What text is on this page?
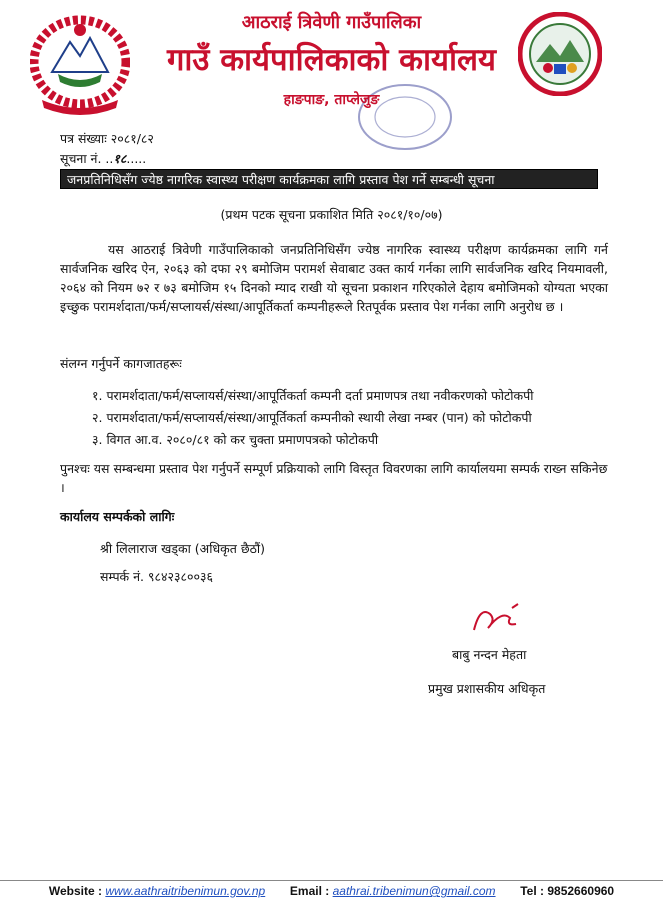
आठराई त्रिवेणी गाउँपालिका
गाउँ कार्यपालिकाको कार्यालय
हाङपाङ, ताप्लेजुङ
पत्र संख्याः २०८१/८२
सूचना नं. ..१८.....
जनप्रतिनिधिसँग ज्येष्ठ नागरिक स्वास्थ्य परीक्षण कार्यक्रमका लागि प्रस्ताव पेश गर्ने सम्बन्धी सूचना
(प्रथम पटक सूचना प्रकाशित मिति २०८१/१०/०७)
यस आठराई त्रिवेणी गाउँपालिकाको जनप्रतिनिधिसँग ज्येष्ठ नागरिक स्वास्थ्य परीक्षण कार्यक्रमका लागि गर्न सार्वजनिक खरिद ऐन, २०६३ को दफा २९ बमोजिम परामर्श सेवाबाट उक्त कार्य गर्नका लागि सार्वजनिक खरिद नियमावली, २०६४ को नियम ७२ र ७३ बमोजिम १५ दिनको म्याद राखी यो सूचना प्रकाशन गरिएकोले देहाय बमोजिमको योग्यता भएका इच्छुक परामर्शदाता/फर्म/सप्लायर्स/संस्था/आपूर्तिकर्ता कम्पनीहरूले रितपूर्वक प्रस्ताव पेश गर्नका लागि अनुरोध छ ।
संलग्न गर्नुपर्ने कागजातहरूः
१. परामर्शदाता/फर्म/सप्लायर्स/संस्था/आपूर्तिकर्ता कम्पनी दर्ता प्रमाणपत्र तथा नवीकरणको फोटोकपी
२. परामर्शदाता/फर्म/सप्लायर्स/संस्था/आपूर्तिकर्ता कम्पनीको स्थायी लेखा नम्बर (पान) को फोटोकपी
३. विगत आ.व. २०८०/८१ को कर चुक्ता प्रमाणपत्रको फोटोकपी
पुनश्चः यस सम्बन्धमा प्रस्ताव पेश गर्नुपर्ने सम्पूर्ण प्रक्रियाको लागि विस्तृत विवरणका लागि कार्यालयमा सम्पर्क राख्न सकिनेछ ।
कार्यालय सम्पर्कको लागिः
श्री लिलाराज खड्का (अधिकृत छैठौं)
सम्पर्क नं. ९८४२३८००३६
बाबु नन्दन मेहता
प्रमुख प्रशासकीय अधिकृत
Website : www.aathraitribenimun.gov.np Email : aathrai.tribenimun@gmail.com Tel : 9852660960
